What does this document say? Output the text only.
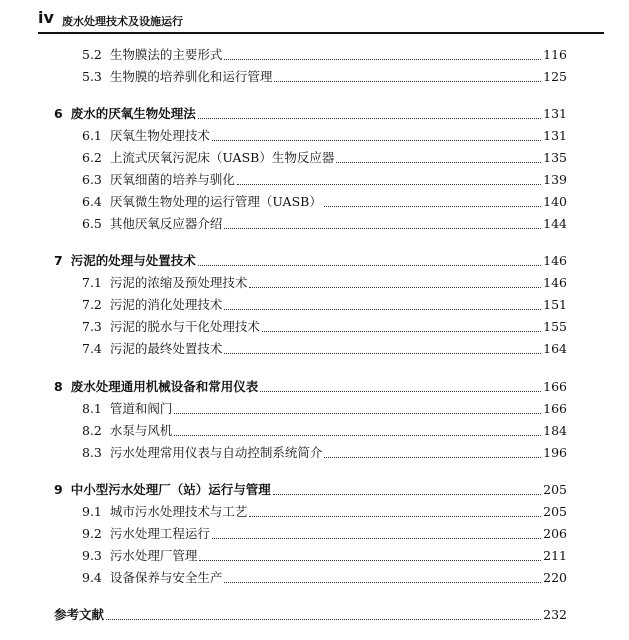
iv 废水处理技术及设施运行
5.2 生物膜法的主要形式	116
5.3 生物膜的培养驯化和运行管理	125
6 废水的厌氧生物处理法	131
6.1 厌氧生物处理技术	131
6.2 上流式厌氧污泥床（UASB）生物反应器	135
6.3 厌氧细菌的培养与驯化	139
6.4 厌氧微生物处理的运行管理（UASB）	140
6.5 其他厌氧反应器介绍	144
7 污泥的处理与处置技术	146
7.1 污泥的浓缩及预处理技术	146
7.2 污泥的消化处理技术	151
7.3 污泥的脱水与干化处理技术	155
7.4 污泥的最终处置技术	164
8 废水处理通用机械设备和常用仪表	166
8.1 管道和阀门	166
8.2 水泵与风机	184
8.3 污水处理常用仪表与自动控制系统简介	196
9 中小型污水处理厂（站）运行与管理	205
9.1 城市污水处理技术与工艺	205
9.2 污水处理工程运行	206
9.3 污水处理厂管理	211
9.4 设备保养与安全生产	220
参考文献	232
